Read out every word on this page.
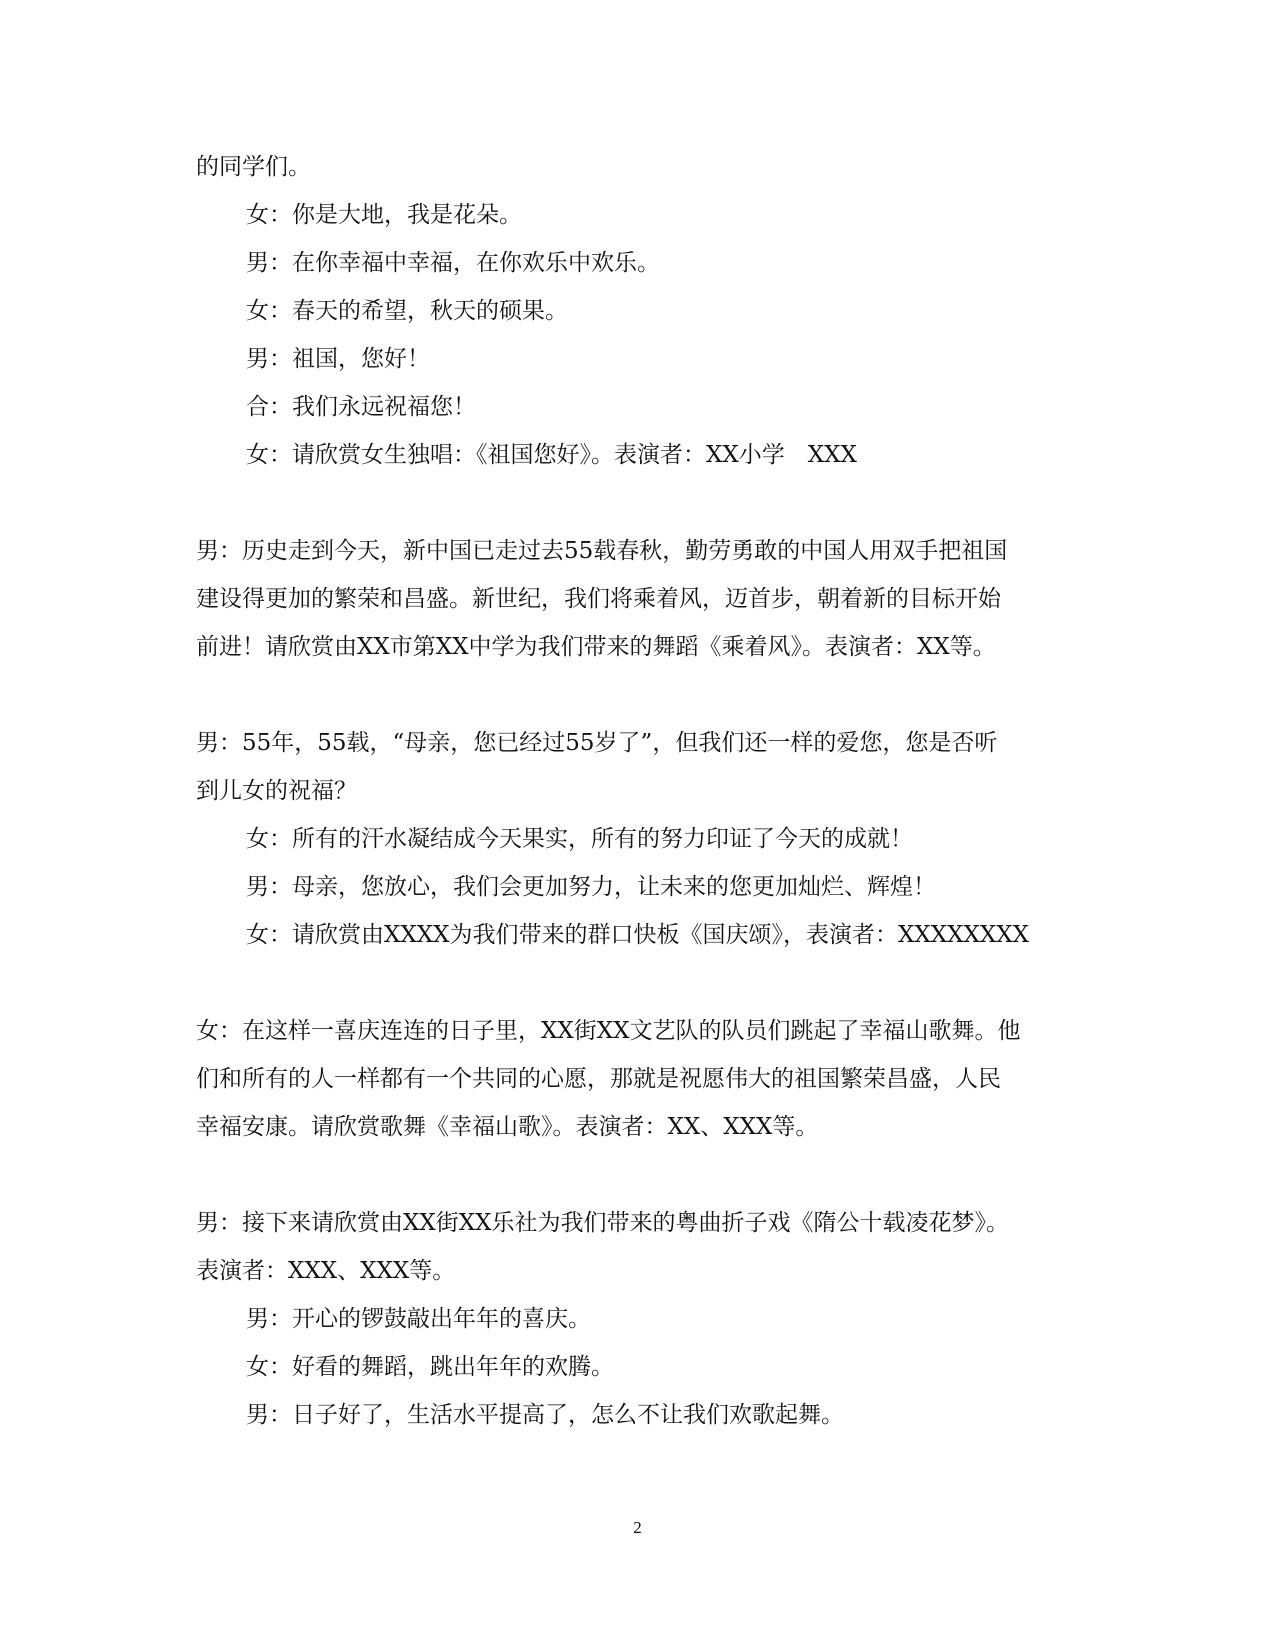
的同学们。
女：你是大地，我是花朵。
男：在你幸福中幸福，在你欢乐中欢乐。
女：春天的希望，秋天的硕果。
男：祖国，您好！
合：我们永远祝福您！
女：请欣赏女生独唱：《祖国您好》。表演者：XX小学　XXX
男：历史走到今天，新中国已走过去55载春秋，勤劳勇敢的中国人用双手把祖国
建设得更加的繁荣和昌盛。新世纪，我们将乘着风，迈首步，朝着新的目标开始
前进！请欣赏由XX市第XX中学为我们带来的舞蹈《乘着风》。表演者：XX等。
男：55年，55载，“母亲，您已经过55岁了”，但我们还一样的爱您，您是否听
到儿女的祝福？
女：所有的汗水凝结成今天果实，所有的努力印证了今天的成就！
男：母亲，您放心，我们会更加努力，让未来的您更加灿烂、辉煌！
女：请欣赏由XXXX为我们带来的群口快板《国庆颂》，表演者：XXXXXXXX
女：在这样一喜庆连连的日子里，XX街XX文艺队的队员们跳起了幸福山歌舞。他
们和所有的人一样都有一个共同的心愿，那就是祝愿伟大的祖国繁荣昌盛，人民
幸福安康。请欣赏歌舞《幸福山歌》。表演者：XX、XXX等。
男：接下来请欣赏由XX街XX乐社为我们带来的粤曲折子戏《隋公十载凌花梦》。
表演者：XXX、XXX等。
男：开心的锣鼓敲出年年的喜庆。
女：好看的舞蹈，跳出年年的欢腾。
男：日子好了，生活水平提高了，怎么不让我们欢歌起舞。
2
